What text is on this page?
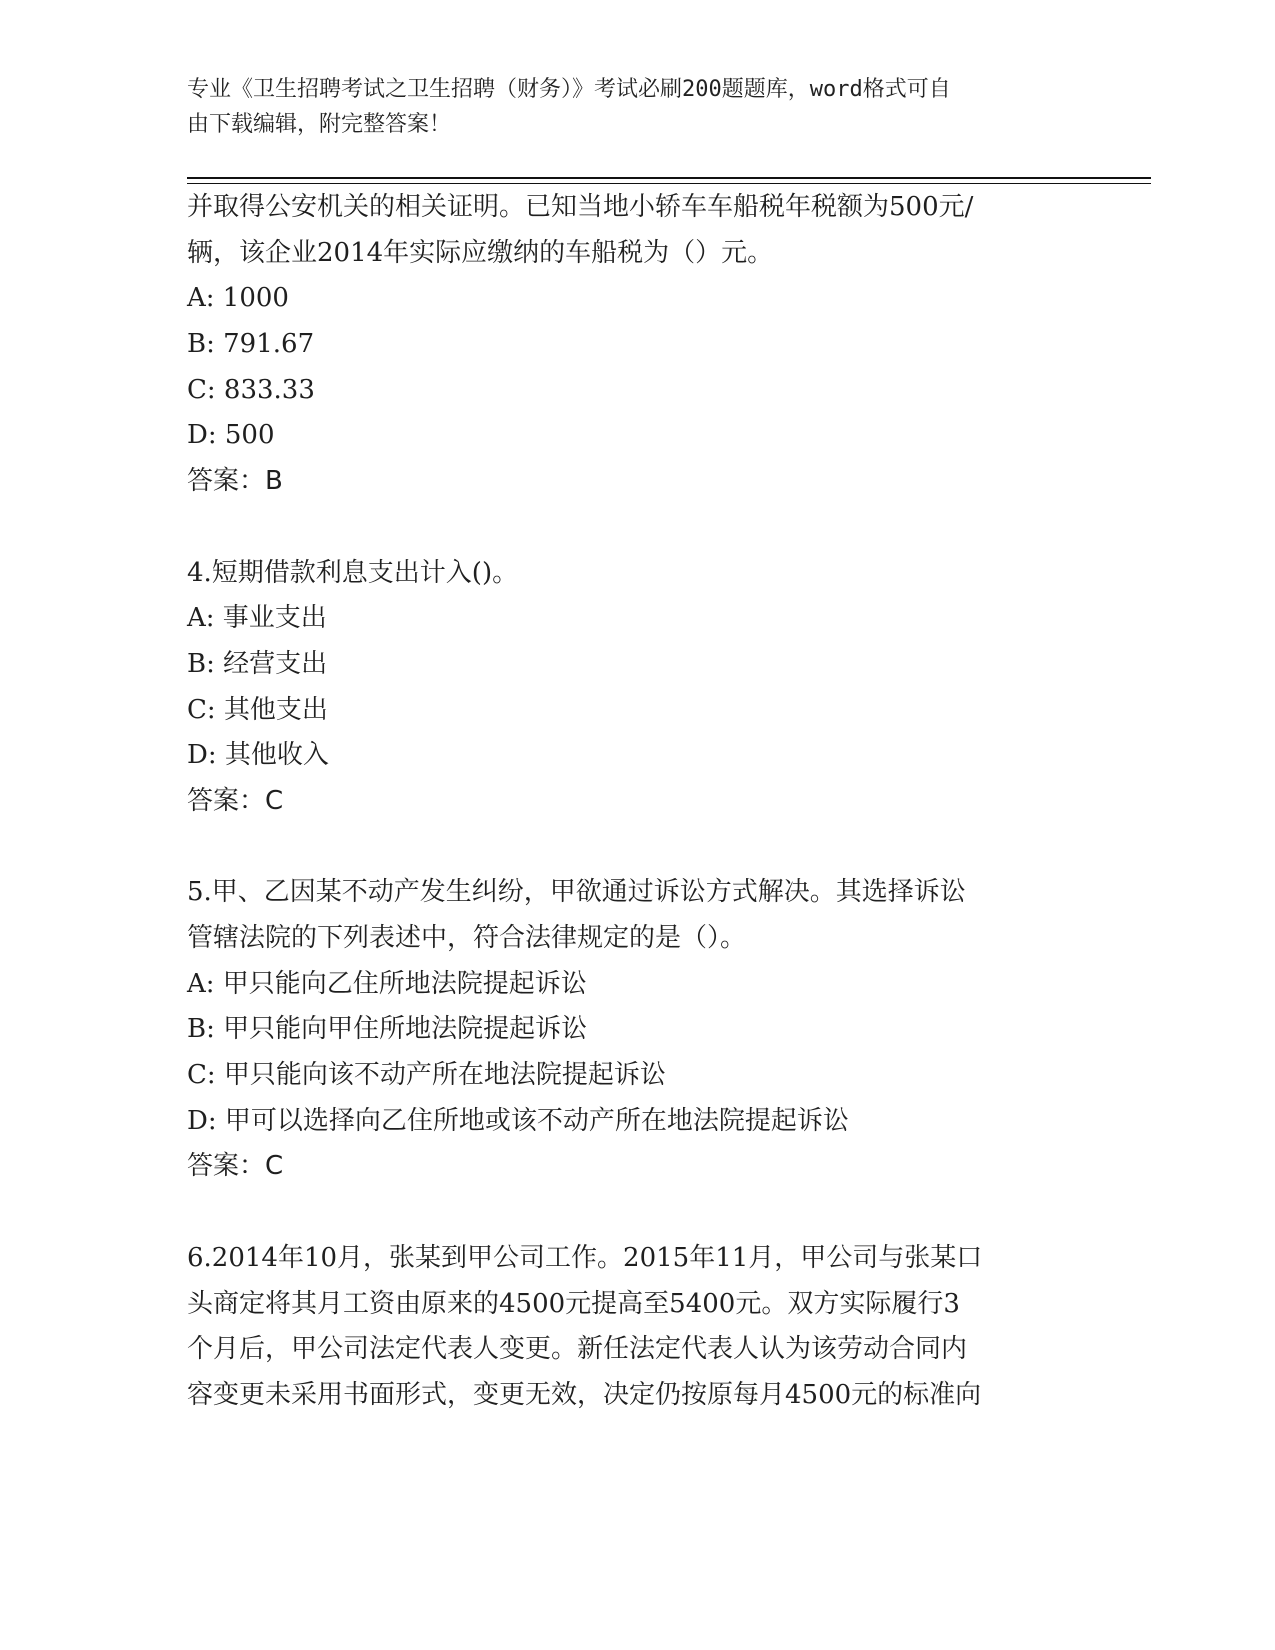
专业《卫生招聘考试之卫生招聘（财务）》考试必刷200题题库，word格式可自
由下载编辑，附完整答案！
并取得公安机关的相关证明。已知当地小轿车车船税年税额为500元/
辆，该企业2014年实际应缴纳的车船税为（）元。
A: 1000
B: 791.67
C: 833.33
D: 500
答案：B
4.短期借款利息支出计入()。
A: 事业支出
B: 经营支出
C: 其他支出
D: 其他收入
答案：C
5.甲、乙因某不动产发生纠纷，甲欲通过诉讼方式解决。其选择诉讼
管辖法院的下列表述中，符合法律规定的是（）。
A: 甲只能向乙住所地法院提起诉讼
B: 甲只能向甲住所地法院提起诉讼
C: 甲只能向该不动产所在地法院提起诉讼
D: 甲可以选择向乙住所地或该不动产所在地法院提起诉讼
答案：C
6.2014年10月，张某到甲公司工作。2015年11月，甲公司与张某口
头商定将其月工资由原来的4500元提高至5400元。双方实际履行3
个月后，甲公司法定代表人变更。新任法定代表人认为该劳动合同内
容变更未采用书面形式，变更无效，决定仍按原每月4500元的标准向
